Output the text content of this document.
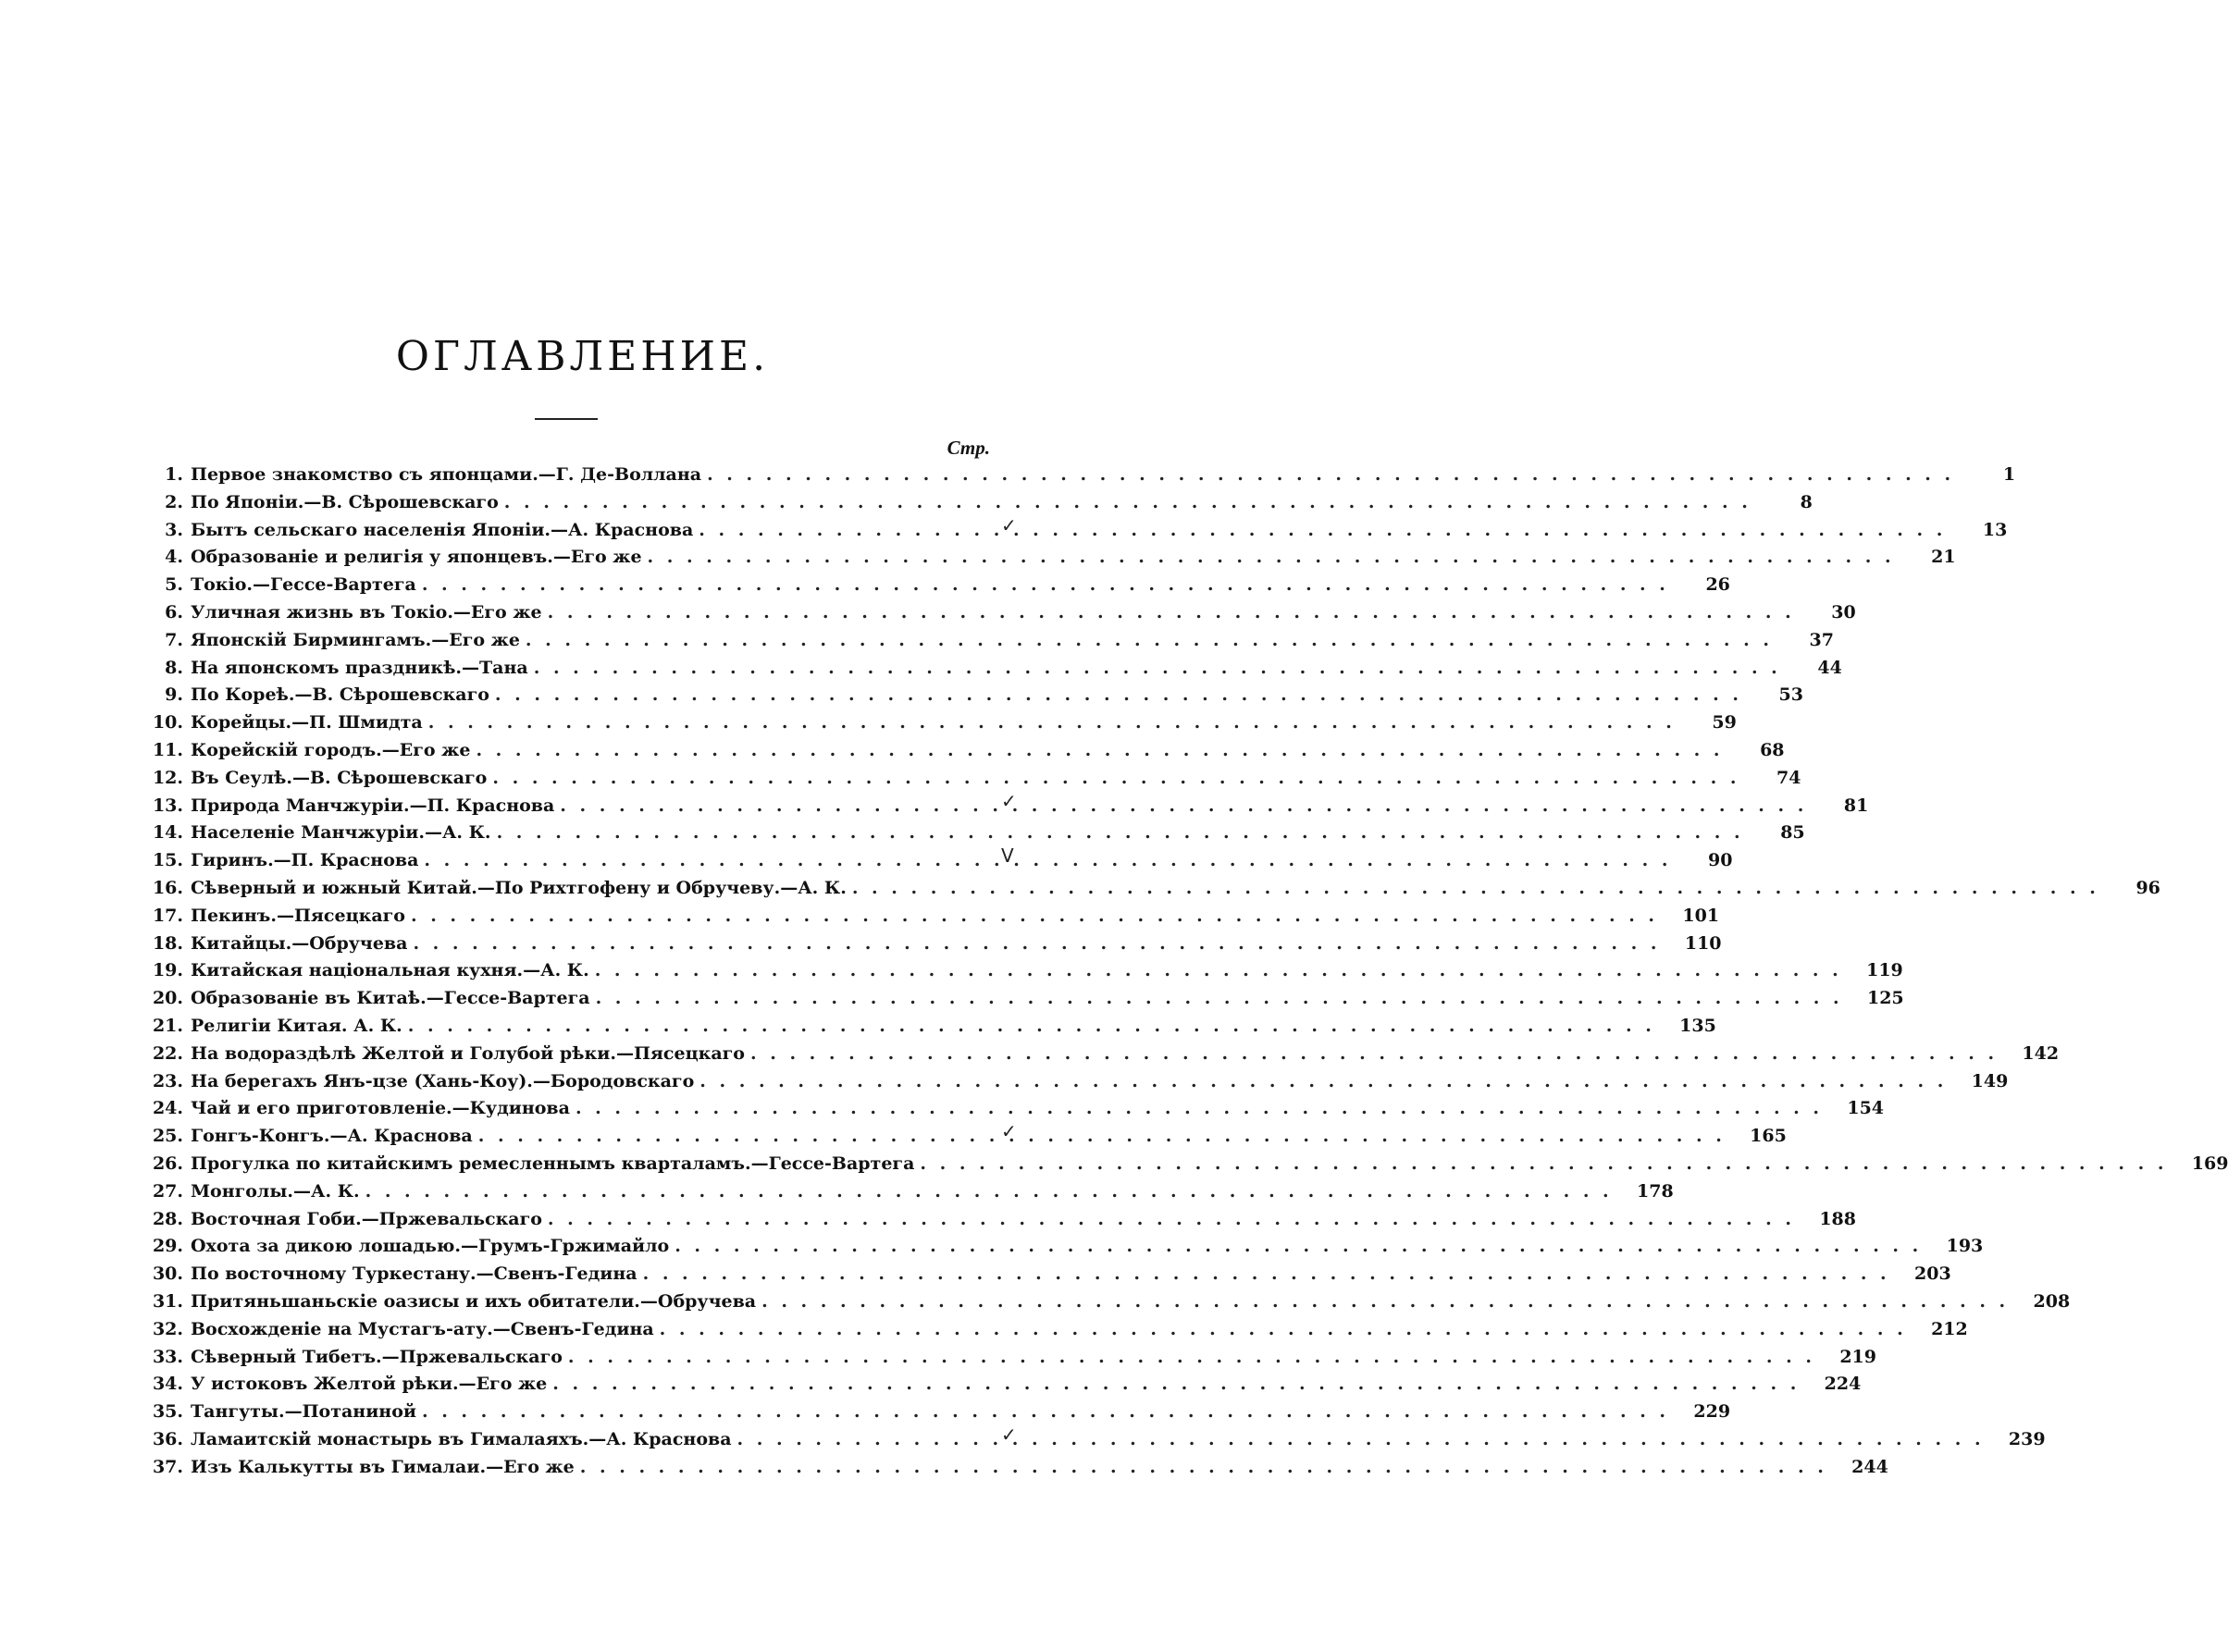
ОГЛАВЛЕНИЕ.
Стр.
1. Первое знакомство съ японцами.—Г. Де-Воллана . . .	1
2. По Японіи.—В. Сѣрошевскаго . . .	8
3. Бытъ сельскаго населенія Японіи.—А. Краснова . . .	13
✓
4. Образованіе и религія у японцевъ.—Его же . . .	21
5. Токіо.—Гессе-Вартега . . .	26
6. Уличная жизнь въ Токіо.—Его же . . .	30
7. Японскій Бирмингамъ.—Его же . . .	37
8. На японскомъ праздникѣ.—Тана . . .	44
9. По Кореѣ.—В. Сѣрошевскаго . . .	53
10. Корейцы.—П. Шмидта . . .	59
11. Корейскій городъ.—Его же . . .	68
12. Въ Сеулѣ.—В. Сѣрошевскаго . . .	74
13. Природа Манчжуріи.—П. Краснова . . .	81
✓
14. Населеніе Манчжуріи.—А. К. . . .	85
15. Гиринъ.—П. Краснова . . .	90
V
16. Сѣверный и южный Китай.—По Рихтгофену и Обручеву.—А. К. . . .	96
17. Пекинъ.—Пясецкаго . . .	101
18. Китайцы.—Обручева . . .	110
19. Китайская національная кухня.—А. К. . . .	119
20. Образованіе въ Китаѣ.—Гессе-Вартега . . .	125
21. Религіи Китая. А. К. . . .	135
22. На водораздѣлѣ Желтой и Голубой рѣки.—Пясецкаго . . .	142
23. На берегахъ Янъ-цзе (Хань-Коу).—Бородовскаго . . .	149
24. Чай и его приготовленіе.—Кудинова . . .	154
25. Гонгъ-Конгъ.—А. Краснова . . .	165
✓
26. Прогулка по китайскимъ ремесленнымъ кварталамъ.—Гессе-Вартега . . .	169
27. Монголы.—А. К. . . .	178
28. Восточная Гоби.—Пржевальскаго . . .	188
29. Охота за дикою лошадью.—Грумъ-Гржимайло . . .	193
30. По восточному Туркестану.—Свенъ-Гедина . . .	203
31. Притяньшаньскіе оазисы и ихъ обитатели.—Обручева . . .	208
32. Восхожденіе на Мустагъ-ату.—Свенъ-Гедина . . .	212
33. Сѣверный Тибетъ.—Пржевальскаго . . .	219
34. У истоковъ Желтой рѣки.—Его же . . .	224
35. Тангуты.—Потаниной . . .	229
36. Ламаитскій монастырь въ Гималаяхъ.—А. Краснова . . .	239
✓
37. Изъ Калькутты въ Гималаи.—Его же . . .	244
